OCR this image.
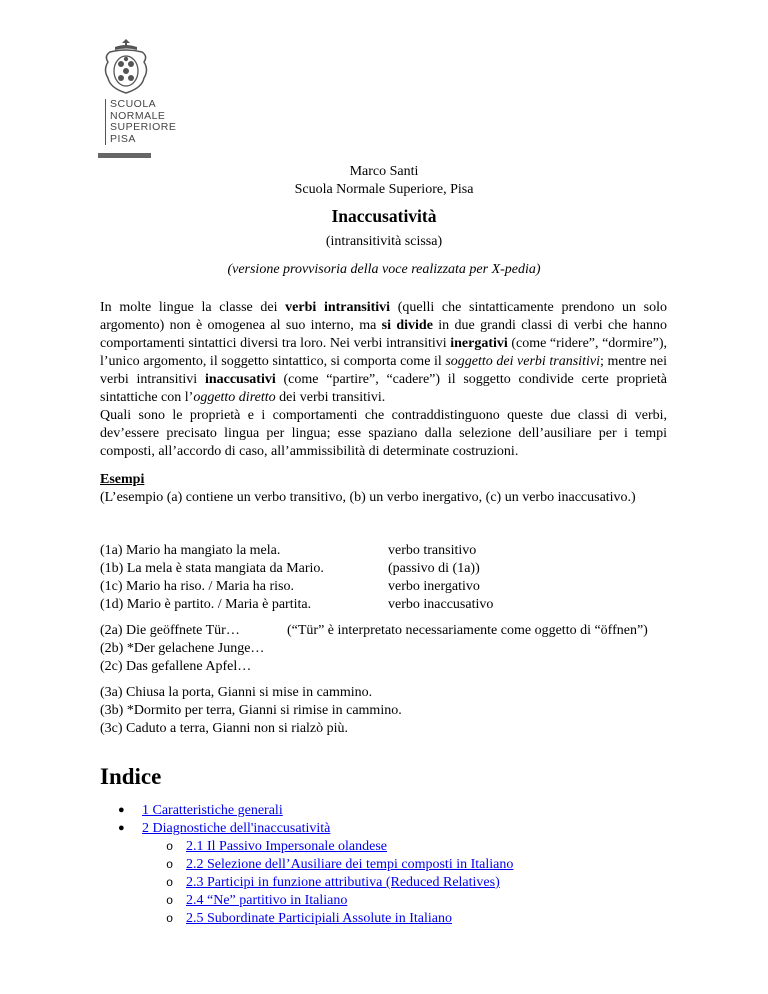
SCUOLA
NORMALE
SUPERIORE
PISA
Marco Santi
Scuola Normale Superiore, Pisa
Inaccusatività
(intransitività scissa)
(versione provvisoria della voce realizzata per X-pedia)
In molte lingue la classe dei verbi intransitivi (quelli che sintatticamente prendono un solo argomento) non è omogenea al suo interno, ma si divide in due grandi classi di verbi che hanno comportamenti sintattici diversi tra loro. Nei verbi intransitivi inergativi (come “ridere”, “dormire”), l’unico argomento, il soggetto sintattico, si comporta come il soggetto dei verbi transitivi; mentre nei verbi intransitivi inaccusativi (come “partire”, “cadere”) il soggetto condivide certe proprietà sintattiche con l’oggetto diretto dei verbi transitivi.
Quali sono le proprietà e i comportamenti che contraddistinguono queste due classi di verbi, dev’essere precisato lingua per lingua; esse spaziano dalla selezione dell’ausiliare per i tempi composti, all’accordo di caso, all’ammissibilità di determinate costruzioni.
Esempi
(L’esempio (a) contiene un verbo transitivo, (b) un verbo inergativo, (c) un verbo inaccusativo.)
(1a) Mario ha mangiato la mela.	verbo transitivo
(1b) La mela è stata mangiata da Mario.	(passivo di (1a))
(1c) Mario ha riso. / Maria ha riso.	verbo inergativo
(1d) Mario è partito. / Maria è partita.	verbo inaccusativo
(2a) Die geöffnete Tür…	(“Tür” è interpretato necessariamente come oggetto di “öffnen”)
(2b) *Der gelachene Junge…
(2c) Das gefallene Apfel…
(3a) Chiusa la porta, Gianni si mise in cammino.
(3b) *Dormito per terra, Gianni si rimise in cammino.
(3c) Caduto a terra, Gianni non si rialzò più.
Indice
● 1 Caratteristiche generali
● 2 Diagnostiche dell'inaccusatività
o 2.1 Il Passivo Impersonale olandese
o 2.2 Selezione dell’Ausiliare dei tempi composti in Italiano
o 2.3 Participi in funzione attributiva (Reduced Relatives)
o 2.4 “Ne” partitivo in Italiano
o 2.5 Subordinate Participiali Assolute in Italiano
